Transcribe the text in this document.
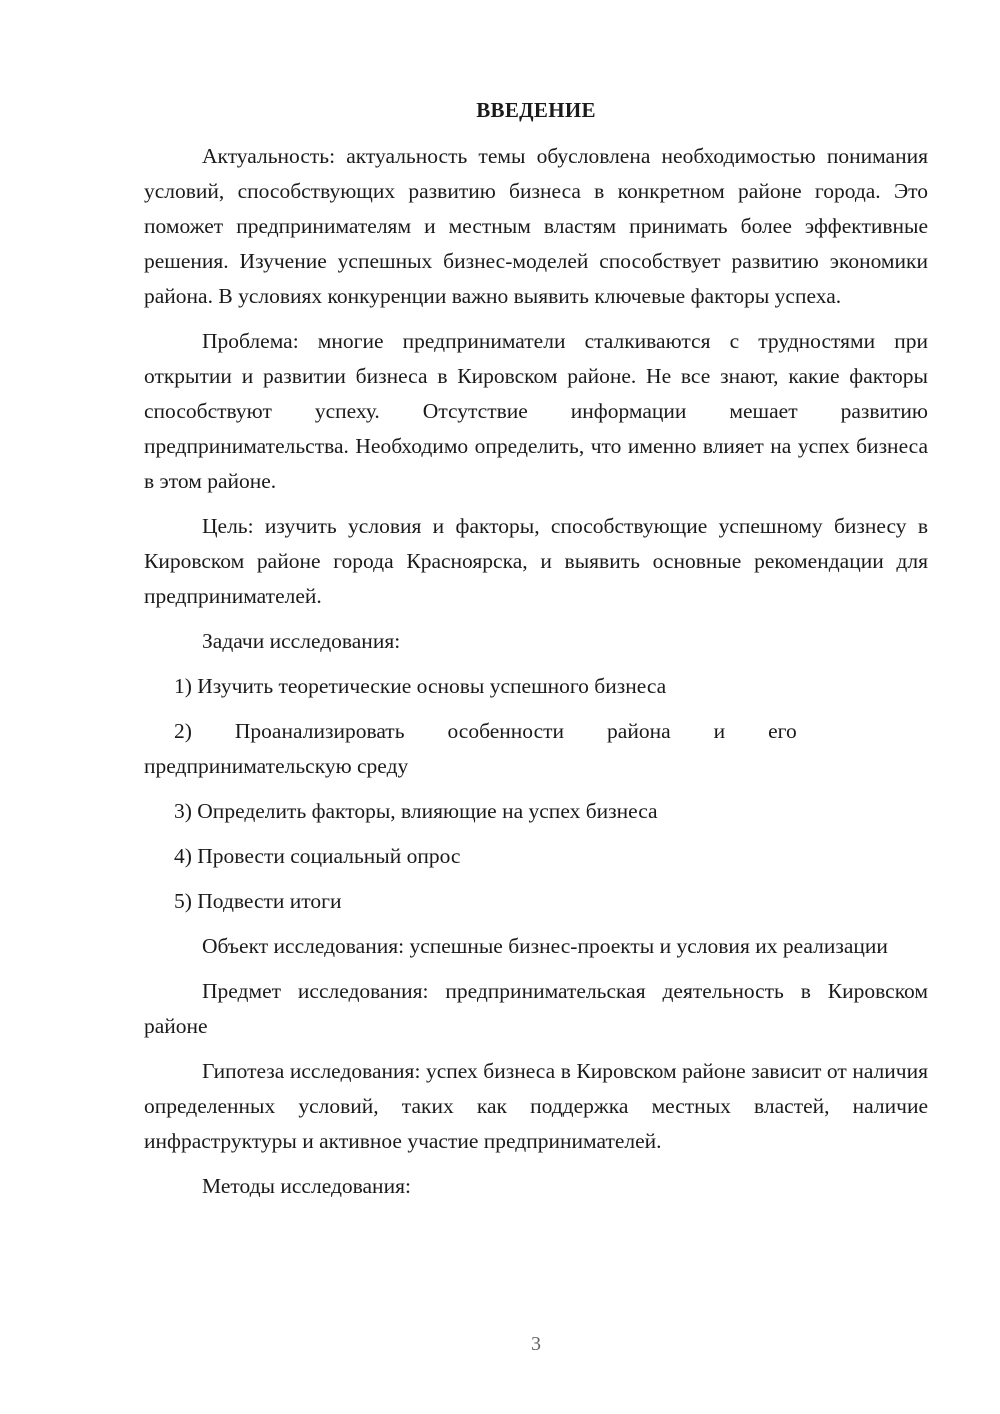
ВВЕДЕНИЕ

Актуальность: актуальность темы обусловлена необходимостью понимания условий, способствующих развитию бизнеса в конкретном районе города. Это поможет предпринимателям и местным властям принимать более эффективные решения. Изучение успешных бизнес-моделей способствует развитию экономики района. В условиях конкуренции важно выявить ключевые факторы успеха.

Проблема: многие предприниматели сталкиваются с трудностями при открытии и развитии бизнеса в Кировском районе. Не все знают, какие факторы способствуют успеху. Отсутствие информации мешает развитию предпринимательства. Необходимо определить, что именно влияет на успех бизнеса в этом районе.

Цель: изучить условия и факторы, способствующие успешному бизнесу в Кировском районе города Красноярска, и выявить основные рекомендации для предпринимателей.

Задачи исследования:

1) Изучить теоретические основы успешного бизнеса

2)  Проанализировать  особенности  района  и  его предпринимательскую среду

3) Определить факторы, влияющие на успех бизнеса

4) Провести социальный опрос

5) Подвести итоги

Объект исследования: успешные бизнес-проекты и условия их реализации

Предмет исследования: предпринимательская деятельность в Кировском районе

Гипотеза исследования: успех бизнеса в Кировском районе зависит от наличия определенных условий, таких как поддержка местных властей, наличие инфраструктуры и активное участие предпринимателей.

Методы исследования:

3
